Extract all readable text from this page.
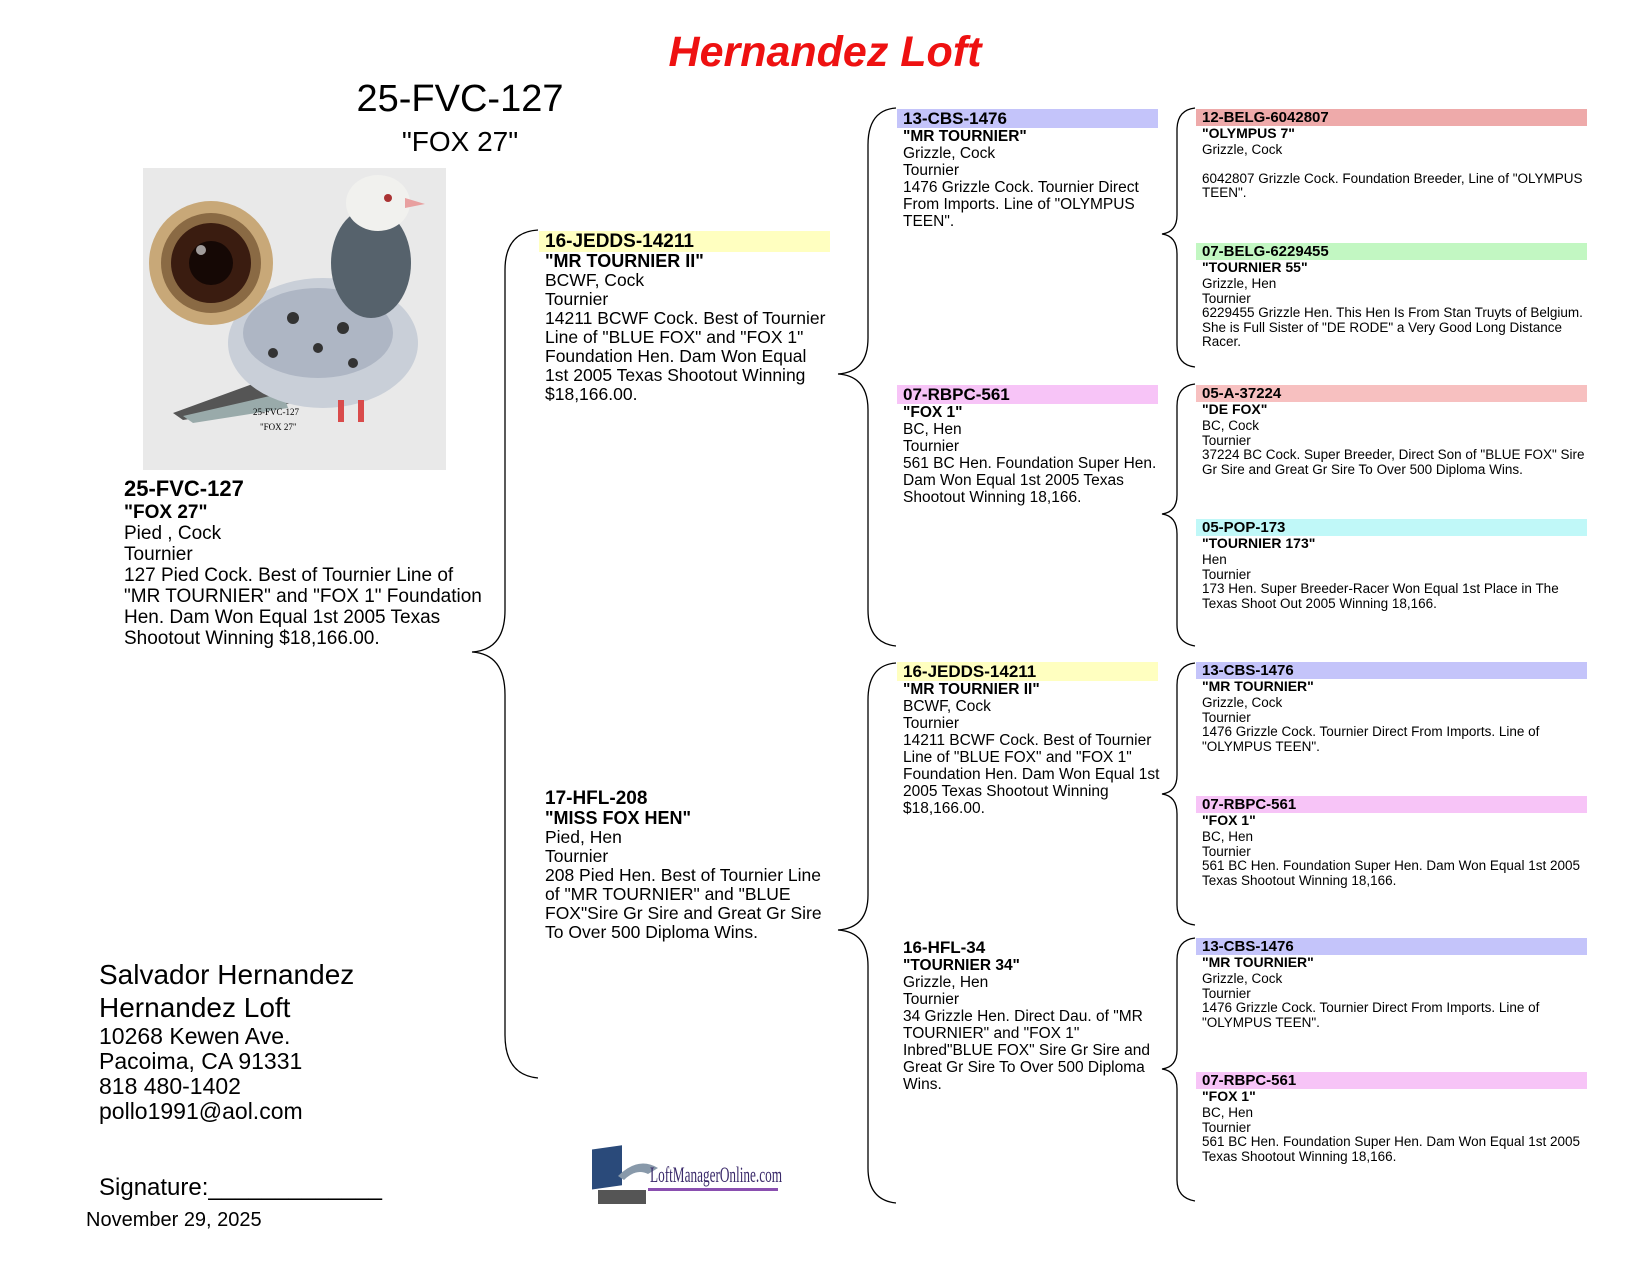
Hernandez Loft
25-FVC-127
"FOX 27"
25-FVC-127
"FOX 27"
25-FVC-127
"FOX 27"
Pied , Cock
Tournier
127 Pied Cock. Best of Tournier Line of "MR TOURNIER" and "FOX 1" Foundation Hen. Dam Won Equal 1st 2005 Texas Shootout Winning $18,166.00.
16-JEDDS-14211
"MR TOURNIER II"
BCWF, Cock
Tournier
14211 BCWF Cock. Best of Tournier Line of "BLUE FOX" and "FOX 1" Foundation Hen. Dam Won Equal 1st 2005 Texas Shootout Winning $18,166.00.
17-HFL-208
"MISS FOX HEN"
Pied, Hen
Tournier
208 Pied Hen. Best of Tournier Line of "MR TOURNIER" and "BLUE FOX"Sire Gr Sire and Great Gr Sire To Over 500 Diploma Wins.
13-CBS-1476
"MR TOURNIER"
Grizzle, Cock
Tournier
1476 Grizzle Cock. Tournier Direct From Imports. Line of "OLYMPUS TEEN".
07-RBPC-561
"FOX 1"
BC, Hen
Tournier
561 BC Hen. Foundation Super Hen. Dam Won Equal 1st 2005 Texas Shootout Winning 18,166.
16-JEDDS-14211
"MR TOURNIER II"
BCWF, Cock
Tournier
14211 BCWF Cock. Best of Tournier Line of "BLUE FOX" and "FOX 1" Foundation Hen. Dam Won Equal 1st 2005 Texas Shootout Winning $18,166.00.
16-HFL-34
"TOURNIER 34"
Grizzle, Hen
Tournier
34 Grizzle Hen. Direct Dau. of "MR TOURNIER" and "FOX 1" Inbred"BLUE FOX" Sire Gr Sire and Great Gr Sire To Over 500 Diploma Wins.
12-BELG-6042807
"OLYMPUS 7"
Grizzle, Cock
6042807 Grizzle Cock. Foundation Breeder, Line of "OLYMPUS TEEN".
07-BELG-6229455
"TOURNIER 55"
Grizzle, Hen
Tournier
6229455 Grizzle Hen. This Hen Is From Stan Truyts of Belgium. She is Full Sister of "DE RODE" a Very Good Long Distance Racer.
05-A-37224
"DE FOX"
BC, Cock
Tournier
37224 BC Cock. Super Breeder, Direct Son of "BLUE FOX" Sire Gr Sire and Great Gr Sire To Over 500 Diploma Wins.
05-POP-173
"TOURNIER 173"
Hen
Tournier
173 Hen. Super Breeder-Racer Won Equal 1st Place in The Texas Shoot Out 2005 Winning 18,166.
13-CBS-1476
"MR TOURNIER"
Grizzle, Cock
Tournier
1476 Grizzle Cock. Tournier Direct From Imports. Line of "OLYMPUS TEEN".
07-RBPC-561
"FOX 1"
BC, Hen
Tournier
561 BC Hen. Foundation Super Hen. Dam Won Equal 1st 2005 Texas Shootout Winning 18,166.
13-CBS-1476
"MR TOURNIER"
Grizzle, Cock
Tournier
1476 Grizzle Cock. Tournier Direct From Imports. Line of "OLYMPUS TEEN".
07-RBPC-561
"FOX 1"
BC, Hen
Tournier
561 BC Hen. Foundation Super Hen. Dam Won Equal 1st 2005 Texas Shootout Winning 18,166.
Salvador Hernandez
Hernandez Loft
10268 Kewen Ave.
Pacoima, CA 91331
818 480-1402
pollo1991@aol.com
Signature:_____________
November 29, 2025
LoftManagerOnline.com
